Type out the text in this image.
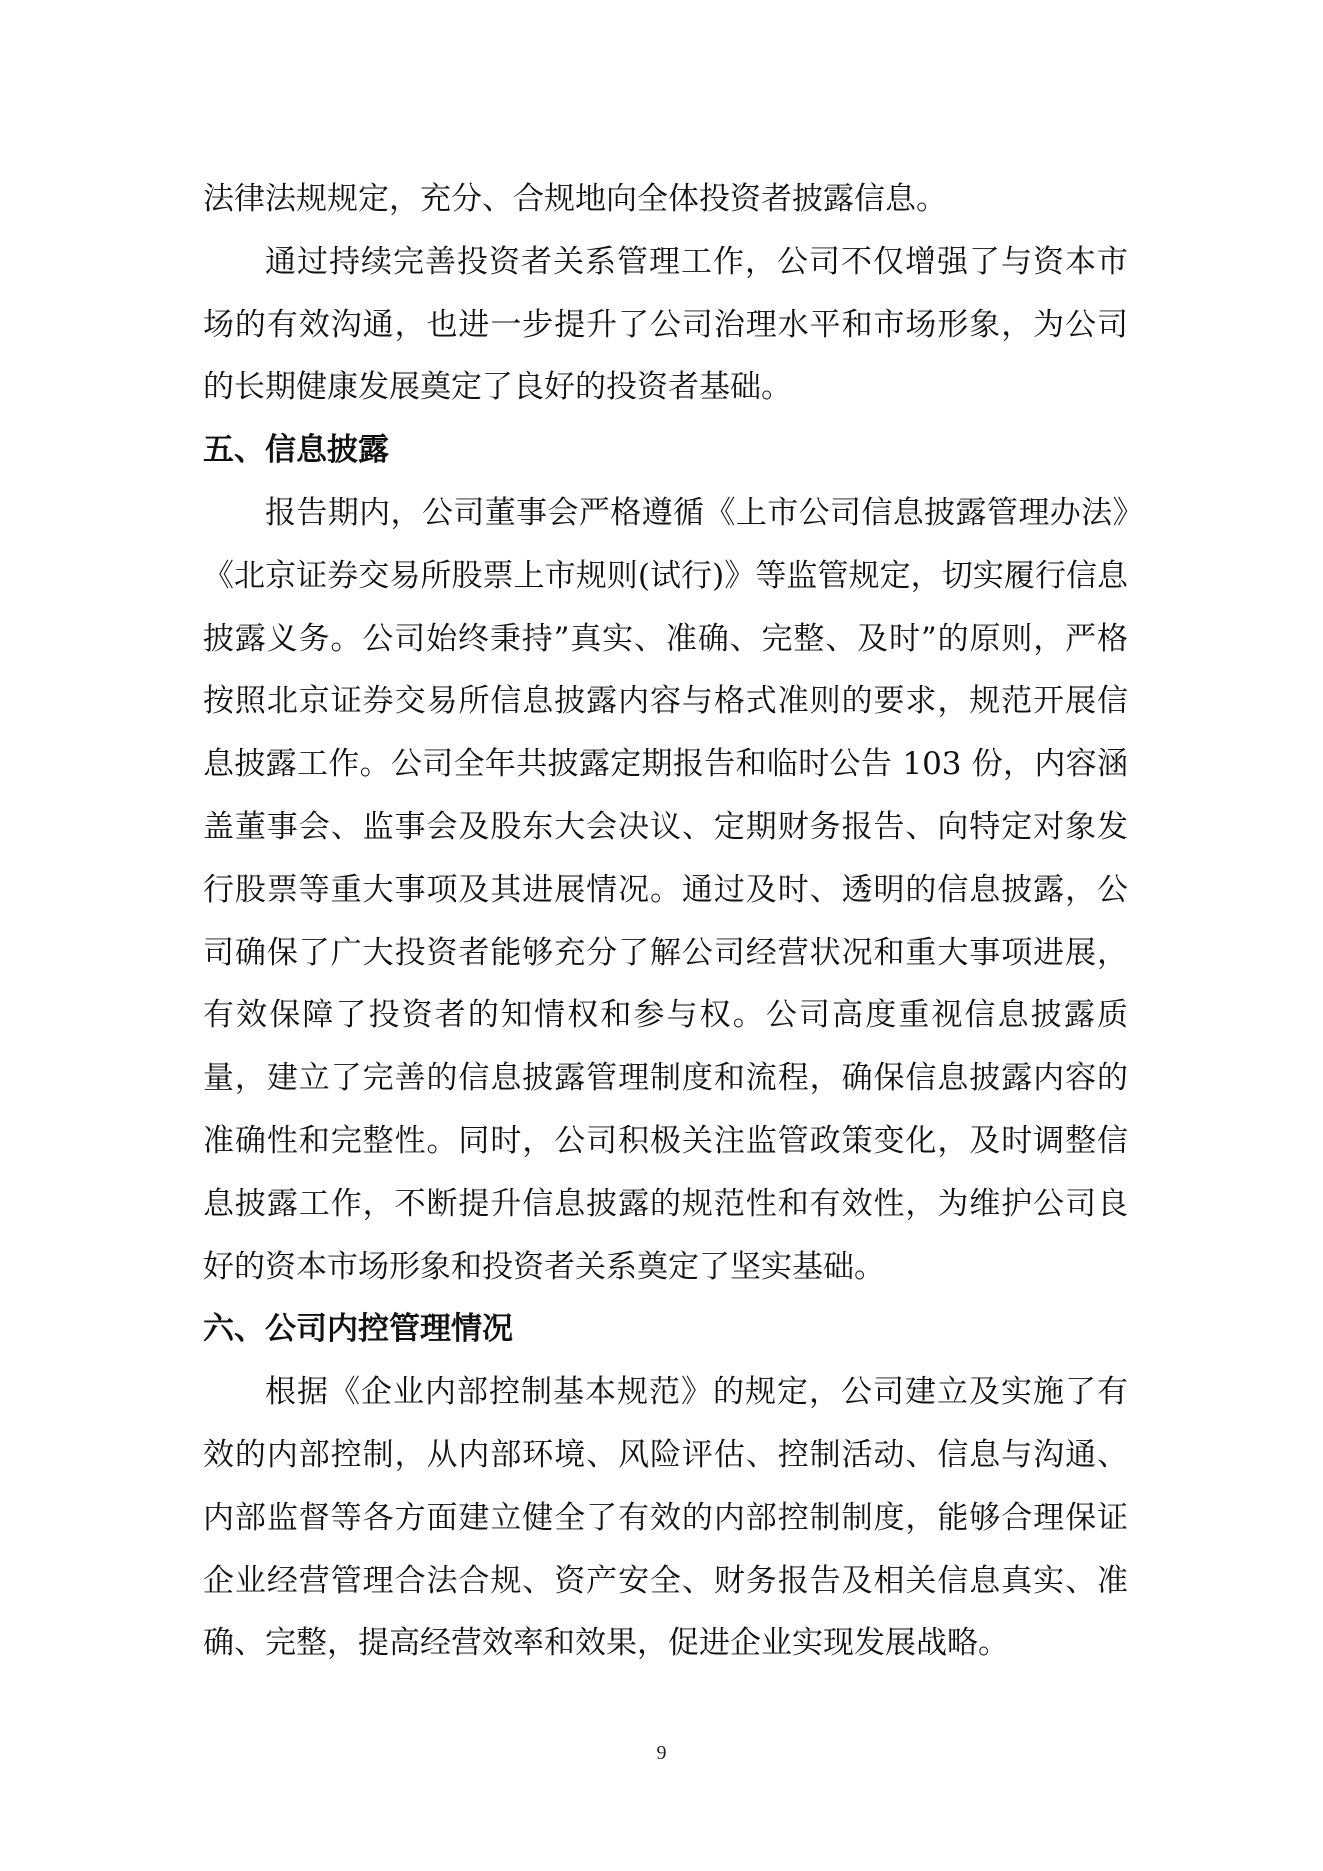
法律法规规定，充分、合规地向全体投资者披露信息。

通过持续完善投资者关系管理工作，公司不仅增强了与资本市场的有效沟通，也进一步提升了公司治理水平和市场形象，为公司的长期健康发展奠定了良好的投资者基础。

五、信息披露

报告期内，公司董事会严格遵循《上市公司信息披露管理办法》《北京证券交易所股票上市规则(试行)》等监管规定，切实履行信息披露义务。公司始终秉持”真实、准确、完整、及时”的原则，严格按照北京证券交易所信息披露内容与格式准则的要求，规范开展信息披露工作。公司全年共披露定期报告和临时公告 103 份，内容涵盖董事会、监事会及股东大会决议、定期财务报告、向特定对象发行股票等重大事项及其进展情况。通过及时、透明的信息披露，公司确保了广大投资者能够充分了解公司经营状况和重大事项进展，有效保障了投资者的知情权和参与权。公司高度重视信息披露质量，建立了完善的信息披露管理制度和流程，确保信息披露内容的准确性和完整性。同时，公司积极关注监管政策变化，及时调整信息披露工作，不断提升信息披露的规范性和有效性，为维护公司良好的资本市场形象和投资者关系奠定了坚实基础。

六、公司内控管理情况

根据《企业内部控制基本规范》的规定，公司建立及实施了有效的内部控制，从内部环境、风险评估、控制活动、信息与沟通、内部监督等各方面建立健全了有效的内部控制制度，能够合理保证企业经营管理合法合规、资产安全、财务报告及相关信息真实、准确、完整，提高经营效率和效果，促进企业实现发展战略。

9
